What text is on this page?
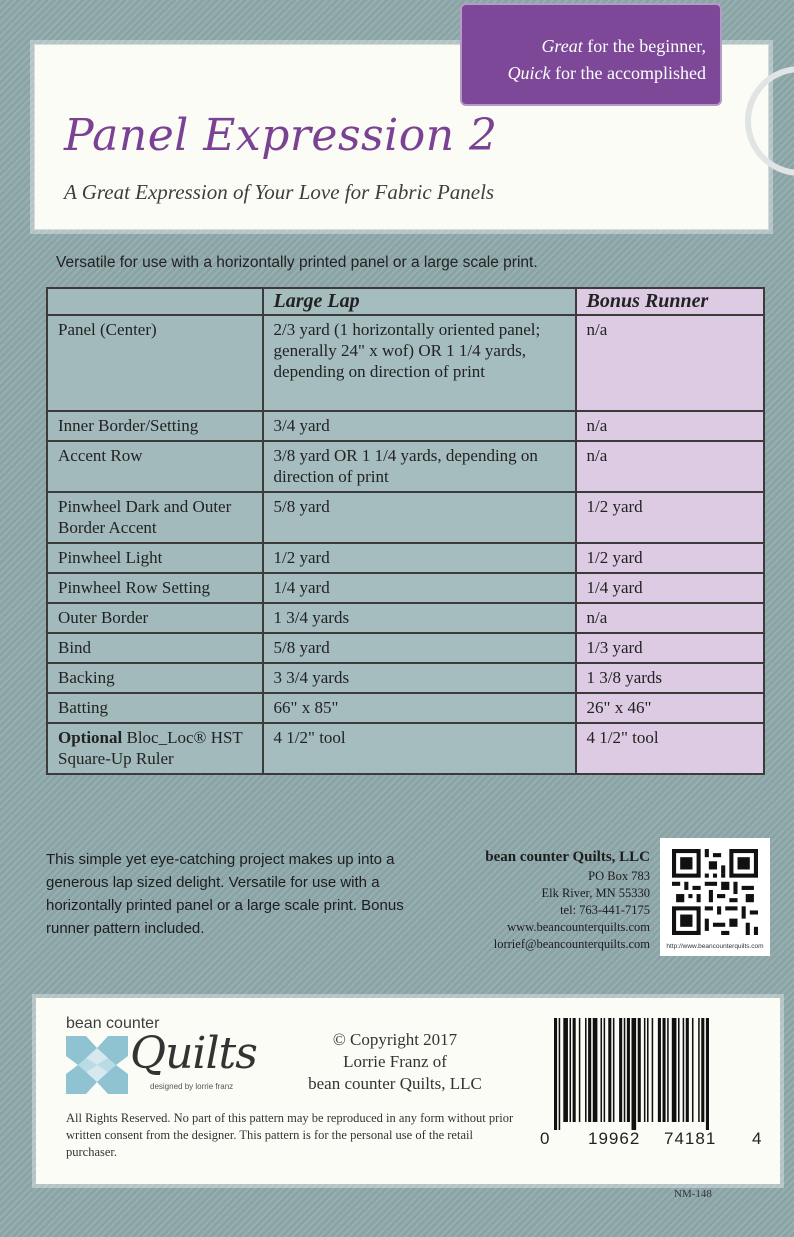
Great for the beginner,
Quick for the accomplished
Panel Expression 2
A Great Expression of Your Love for Fabric Panels
Versatile for use with a horizontally printed panel or a large scale print.
	Large Lap	Bonus Runner
Panel (Center)	2/3 yard (1 horizontally oriented panel; generally 24" x wof) OR 1 1/4 yards, depending on direction of print	n/a
Inner Border/Setting	3/4 yard	n/a
Accent Row	3/8 yard OR 1 1/4 yards, depending on direction of print	n/a
Pinwheel Dark and Outer Border Accent	5/8 yard	1/2 yard
Pinwheel Light	1/2 yard	1/2 yard
Pinwheel Row Setting	1/4 yard	1/4 yard
Outer Border	1 3/4 yards	n/a
Bind	5/8 yard	1/3 yard
Backing	3 3/4 yards	1 3/8 yards
Batting	66" x 85"	26" x 46"
Optional Bloc_Loc® HST Square-Up Ruler	4 1/2" tool	4 1/2" tool
This simple yet eye-catching project makes up into a generous lap sized delight. Versatile for use with a horizontally printed panel or a large scale print. Bonus runner pattern included.
bean counter Quilts, LLC
PO Box 783
Elk River, MN 55330
tel: 763-441-7175
www.beancounterquilts.com
lorrief@beancounterquilts.com	http://www.beancounterquilts.com
bean counter
Quilts
designed by lorrie franz
© Copyright 2017
Lorrie Franz of
bean counter Quilts, LLC
All Rights Reserved. No part of this pattern may be reproduced in any form without prior written consent from the designer. This pattern is for the personal use of the retail purchaser.
0 19962 74181 4
NM-148
